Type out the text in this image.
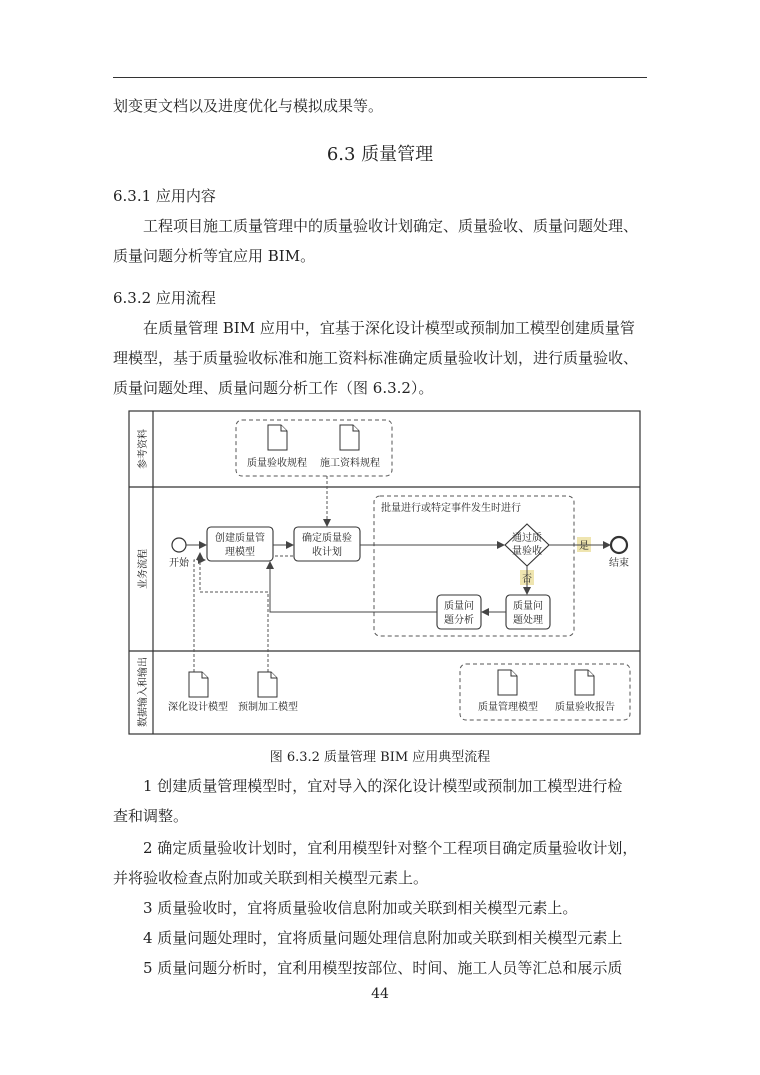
划变更文档以及进度优化与模拟成果等。
6.3 质量管理
6.3.1 应用内容
工程项目施工质量管理中的质量验收计划确定、质量验收、质量问题处理、
质量问题分析等宜应用 BIM。
6.3.2 应用流程
在质量管理 BIM 应用中，宜基于深化设计模型或预制加工模型创建质量管
理模型，基于质量验收标准和施工资料标准确定质量验收计划，进行质量验收、
质量问题处理、质量问题分析工作（图 6.3.2）。
参考资料
业务流程
数据输入和输出
质量验收规程 施工资料规程
批量进行或特定事件发生时进行
开始	结束
创建质量管
理模型
确定质量验
收计划
通过质
量验收
质量问
题处理
质量问
题分析
是
否
深化设计模型 预制加工模型	质量管理模型 质量验收报告
图 6.3.2 质量管理 BIM 应用典型流程
1 创建质量管理模型时，宜对导入的深化设计模型或预制加工模型进行检
查和调整。
2 确定质量验收计划时，宜利用模型针对整个工程项目确定质量验收计划，
并将验收检查点附加或关联到相关模型元素上。
3 质量验收时，宜将质量验收信息附加或关联到相关模型元素上。
4 质量问题处理时，宜将质量问题处理信息附加或关联到相关模型元素上
5 质量问题分析时，宜利用模型按部位、时间、施工人员等汇总和展示质
44
